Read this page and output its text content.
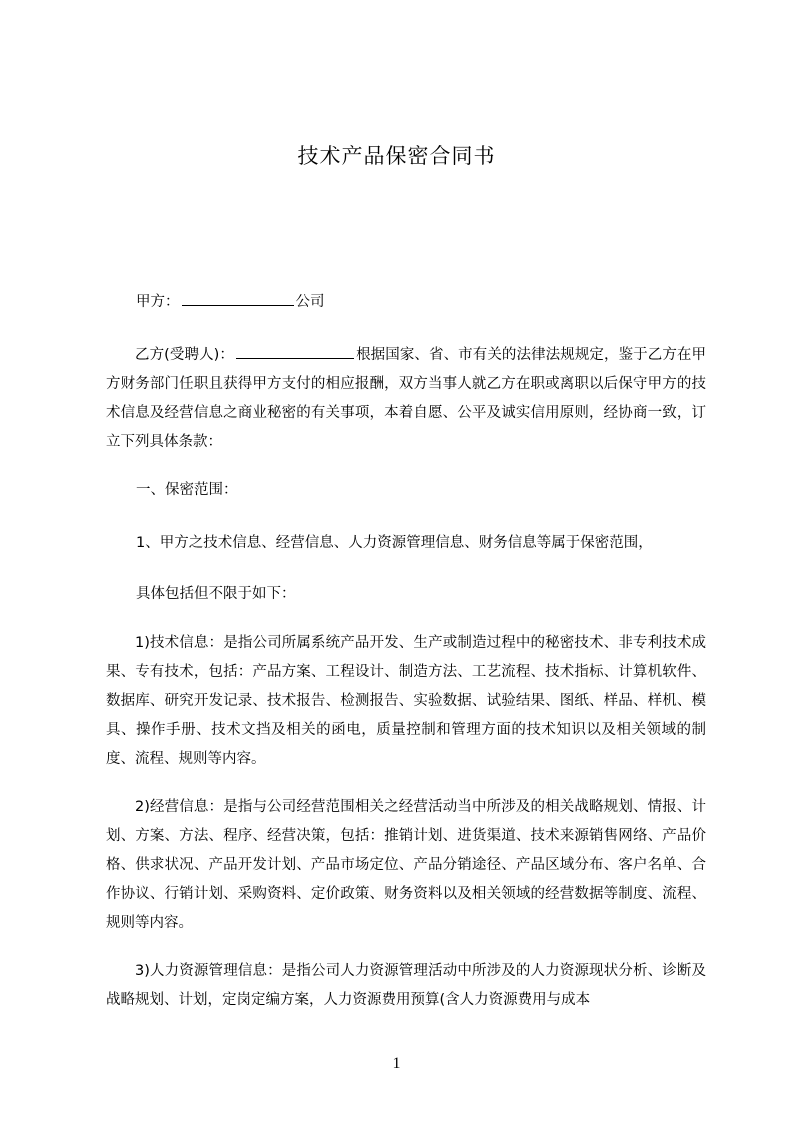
技术产品保密合同书
甲方：	公司
乙方(受聘人)：	根据国家、省、市有关的法律法规规定，鉴于乙方在甲方财务部门任职且获得甲方支付的相应报酬，双方当事人就乙方在职或离职以后保守甲方的技术信息及经营信息之商业秘密的有关事项，本着自愿、公平及诚实信用原则，经协商一致，订立下列具体条款：
一、保密范围：
1、甲方之技术信息、经营信息、人力资源管理信息、财务信息等属于保密范围，
具体包括但不限于如下：
1)技术信息：是指公司所属系统产品开发、生产或制造过程中的秘密技术、非专利技术成果、专有技术，包括：产品方案、工程设计、制造方法、工艺流程、技术指标、计算机软件、数据库、研究开发记录、技术报告、检测报告、实验数据、试验结果、图纸、样品、样机、模具、操作手册、技术文挡及相关的函电，质量控制和管理方面的技术知识以及相关领域的制度、流程、规则等内容。
2)经营信息：是指与公司经营范围相关之经营活动当中所涉及的相关战略规划、情报、计划、方案、方法、程序、经营决策，包括：推销计划、进货渠道、技术来源销售网络、产品价格、供求状况、产品开发计划、产品市场定位、产品分销途径、产品区域分布、客户名单、合作协议、行销计划、采购资料、定价政策、财务资料以及相关领域的经营数据等制度、流程、规则等内容。
3)人力资源管理信息：是指公司人力资源管理活动中所涉及的人力资源现状分析、诊断及战略规划、计划，定岗定编方案，人力资源费用预算(含人力资源费用与成本
1
